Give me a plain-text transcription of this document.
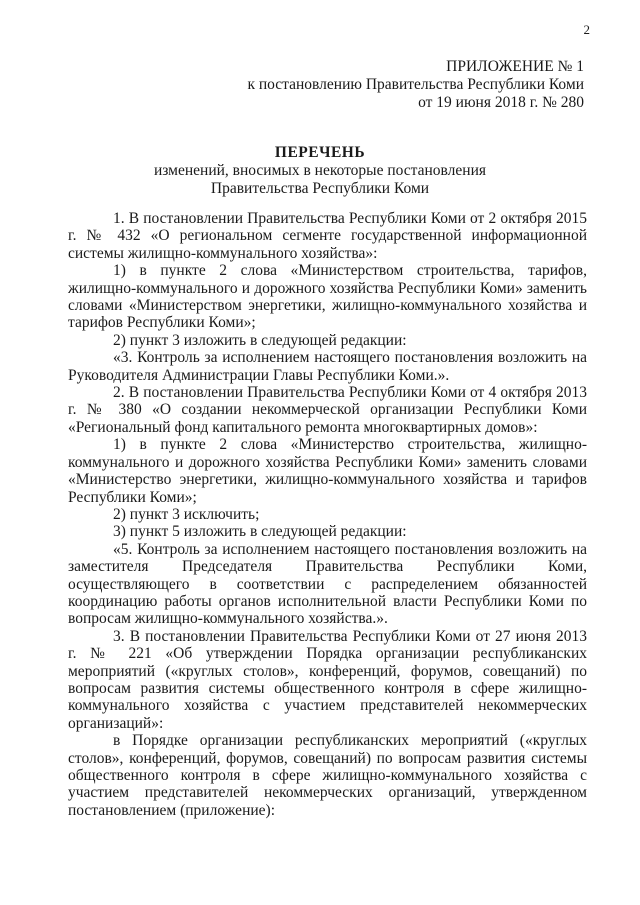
2
ПРИЛОЖЕНИЕ № 1
к постановлению Правительства Республики Коми
от 19 июня 2018 г. № 280
ПЕРЕЧЕНЬ
изменений, вносимых в некоторые постановления
Правительства Республики Коми

1. В постановлении Правительства Республики Коми от 2 октября 2015 г. № 432 «О региональном сегменте государственной информационной системы жилищно-коммунального хозяйства»:

1) в пункте 2 слова «Министерством строительства, тарифов, жилищно-коммунального и дорожного хозяйства Республики Коми» заменить словами «Министерством энергетики, жилищно-коммунального хозяйства и тарифов Республики Коми»;

2) пункт 3 изложить в следующей редакции:

«3. Контроль за исполнением настоящего постановления возложить на Руководителя Администрации Главы Республики Коми.».

2. В постановлении Правительства Республики Коми от 4 октября 2013 г. № 380 «О создании некоммерческой организации Республики Коми «Региональный фонд капитального ремонта многоквартирных домов»:

1) в пункте 2 слова «Министерство строительства, жилищно-коммунального и дорожного хозяйства Республики Коми» заменить словами «Министерство энергетики, жилищно-коммунального хозяйства и тарифов Республики Коми»;

2) пункт 3 исключить;

3) пункт 5 изложить в следующей редакции:

«5. Контроль за исполнением настоящего постановления возложить на заместителя Председателя Правительства Республики Коми, осуществляющего в соответствии с распределением обязанностей координацию работы органов исполнительной власти Республики Коми по вопросам жилищно-коммунального хозяйства.».

3. В постановлении Правительства Республики Коми от 27 июня 2013 г. № 221 «Об утверждении Порядка организации республиканских мероприятий («круглых столов», конференций, форумов, совещаний) по вопросам развития системы общественного контроля в сфере жилищно-коммунального хозяйства с участием представителей некоммерческих организаций»:

в Порядке организации республиканских мероприятий («круглых столов», конференций, форумов, совещаний) по вопросам развития системы общественного контроля в сфере жилищно-коммунального хозяйства с участием представителей некоммерческих организаций, утвержденном постановлением (приложение):
